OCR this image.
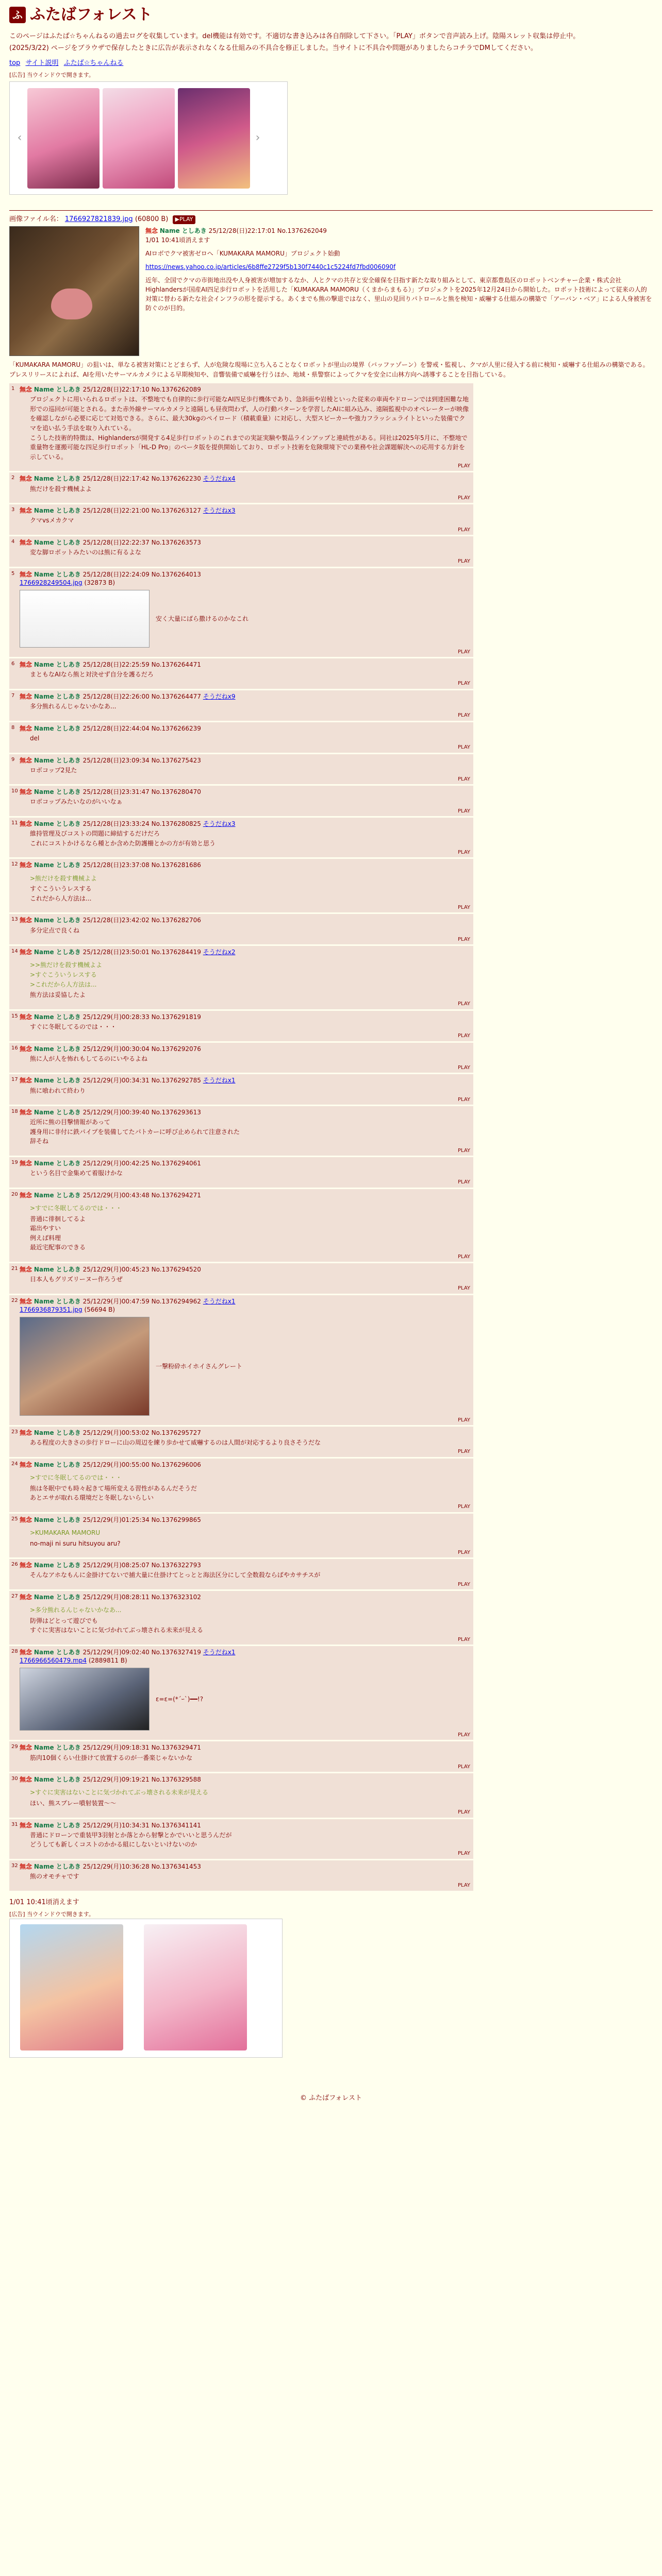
ふ ふたばフォレスト

このページはふたば☆ちゃんねるの過去ログを収集しています。del機能は有効です。不適切な書き込みは各自削除して下さい。「PLAY」ボタンで音声読み上げ。陰陽スレット収集は停止中。

(2025/3/22) ページをブラウザで保存したときに広告が表示されなくなる仕組みの不具合を修正しました。当サイトに不具合や問題がありましたらコチラでDMしてください。

top サイト説明 ふたば☆ちゃんねる
[広告] 当ウインドウで開きます。
‹	›
画像ファイル名： 1766927821839.jpg (60800 B) ▶PLAY
無念 Name としあき 25/12/28(日)22:17:01 No.1376262049
1/01 10:41頃消えます

AIロボでクマ被害ゼロへ「KUMAKARA MAMORU」プロジェクト始動

https://news.yahoo.co.jp/articles/6b8ffe2729f5b130f7440c1c5224fd7fbd006090f

近年、全国でクマの市街地出没や人身被害が増加するなか、人とクマの共存と安全確保を目指す新たな取り組みとして、東京都豊島区のロボットベンチャー企業・株式会社Highlandersが国産AI四足歩行ロボットを活用した「KUMAKARA MAMORU（くまからまもる）」プロジェクトを2025年12月24日から開始した。ロボット技術によって従来の人的対策に替わる新たな社会インフラの形を提示する。あくまでも熊の撃退ではなく、里山の見回りパトロールと熊を検知・威嚇する仕組みの構築で「アーバン・ベア」による人身被害を防ぐのが目的。

「KUMAKARA MAMORU」の狙いは、単なる被害対策にとどまらず、人が危険な現場に立ち入ることなくロボットが里山の境界（バッファゾーン）を警戒・監視し、クマが人里に侵入する前に検知・威嚇する仕組みの構築である。プレスリリースによれば、AIを用いたサーマルカメラによる早期検知や、音響装備で威嚇を行うほか、地域・県警察によってクマを安全に山林方向へ誘導することを目指している。

1 無念 Name としあき 25/12/28(日)22:17:10 No.1376262089
プロジェクトに用いられるロボットは、不整地でも自律的に歩行可能なAI四足歩行機体であり、急斜面や岩稜といった従来の車両やドローンでは到達困難な地形での巡回が可能とされる。また赤外線サーマルカメラと遠隔しも昼夜問わず、人の行動パターンを学習したAIに組み込み、遠隔監視中のオペレーターが映像を確認しながら必要に応じて対処できる。さらに、最大30kgのペイロード（積載重量）に対応し、大型スピーカーや強力フラッシュライトといった装備でクマを追い払う手法を取り入れている。
こうした技術的特徴は、Highlandersが開発する4足歩行ロボットのこれまでの実証実験や製品ラインアップと連続性がある。同社は2025年5月に、不整地で重量物を運搬可能な四足歩行ロボット「HL-D Pro」のベータ版を提供開始しており、ロボット技術を危険環境下での業務や社会課題解決への応用する方針を示している。
PLAY
2 無念 Name としあき 25/12/28(日)22:17:42 No.1376262230 そうだねx4
熊だけを殺す機械よよ
PLAY
3 無念 Name としあき 25/12/28(日)22:21:00 No.1376263127 そうだねx3
クマvsメカクマ
PLAY
4 無念 Name としあき 25/12/28(日)22:22:37 No.1376263573
変な脚ロボットみたいのは熊に有るよな
PLAY
5 無念 Name としあき 25/12/28(日)22:24:09 No.1376264013
1766928249504.jpg (32873 B)
安く大量にばら撒けるのかなこれ
PLAY
6 無念 Name としあき 25/12/28(日)22:25:59 No.1376264471
まともなAIなら熊と対決せず自分を護るだろ
PLAY
7 無念 Name としあき 25/12/28(日)22:26:00 No.1376264477 そうだねx9
多分熊れるんじゃないかなあ...
PLAY
8 無念 Name としあき 25/12/28(日)22:44:04 No.1376266239
del
PLAY
9 無念 Name としあき 25/12/28(日)23:09:34 No.1376275423
ロボコップ2見た
PLAY
10 無念 Name としあき 25/12/28(日)23:31:47 No.1376280470
ロボコップみたいなのがいいなぁ
PLAY
11 無念 Name としあき 25/12/28(日)23:33:24 No.1376280825 そうだねx3
維持管理及びコストの問題に締結するだけだろ
これにコストかけるなら種とか含めた防護柵とかの方が有効と思う
PLAY
12 無念 Name としあき 25/12/28(日)23:37:08 No.1376281686
>熊だけを殺す機械よよ
すぐこういうレスする
これだから人方法は...
PLAY
13 無念 Name としあき 25/12/28(日)23:42:02 No.1376282706
多分定点で良くね
PLAY
14 無念 Name としあき 25/12/28(日)23:50:01 No.1376284419 そうだねx2
>>熊だけを殺す機械よよ
>すぐこういうレスする
>これだから人方法は...
熊方法は妥協したよ
PLAY
15 無念 Name としあき 25/12/29(月)00:28:33 No.1376291819
すぐに冬眠してるのでは・・・
PLAY
16 無念 Name としあき 25/12/29(月)00:30:04 No.1376292076
熊に人が人を怖れもしてるのにいやるよね
PLAY
17 無念 Name としあき 25/12/29(月)00:34:31 No.1376292785 そうだねx1
熊に喰われて終わり
PLAY
18 無念 Name としあき 25/12/29(月)00:39:40 No.1376293613
近所に熊の目撃情報があって
護身用に非付に鉄パイプを装備してたパトカーに呼び止められて注意された
辞そね
PLAY
19 無念 Name としあき 25/12/29(月)00:42:25 No.1376294061
という名目で金集めて着服けかな
PLAY
20 無念 Name としあき 25/12/29(月)00:43:48 No.1376294271
>すでに冬眠してるのでは・・・
普通に徘徊してるよ
霜出やすい
例えば料理
最近宅配事のできる
PLAY
21 無念 Name としあき 25/12/29(月)00:45:23 No.1376294520
日本人もグリズリーヌー作ろうぜ
PLAY
22 無念 Name としあき 25/12/29(月)00:47:59 No.1376294962 そうだねx1
1766936879351.jpg (56694 B)
一撃粉砕ホイホイさんグレート
PLAY
23 無念 Name としあき 25/12/29(月)00:53:02 No.1376295727
ある程度の大きさの歩行ドローに山の周辺を練り歩かせて威嚇するのは人間が対応するより良さそうだな
PLAY
24 無念 Name としあき 25/12/29(月)00:55:00 No.1376296006
>すでに冬眠してるのでは・・・
熊は冬眠中でも時々起きて場所変える習性があるんだそうだ
あとエサが取れる環境だと冬眠しないらしい
PLAY
25 無念 Name としあき 25/12/29(月)01:25:34 No.1376299865
>KUMAKARA MAMORU
no-maji ni suru hitsuyou aru?
PLAY
26 無念 Name としあき 25/12/29(月)08:25:07 No.1376322793
そんなアホなもんに金掛けてないで捕大量に仕掛けてとっとと海法区分にして全数殺ならばやカサチスが
PLAY
27 無念 Name としあき 25/12/29(月)08:28:11 No.1376323102
>多分熊れるんじゃないかなあ...
防弾はどとって遊びでも
すぐに実害はないことに気づかれてぶっ壊される未来が見える
PLAY
28 無念 Name としあき 25/12/29(月)09:02:40 No.1376327419 そうだねx1
1766966560479.mp4 (2889811 B)
ε=ε=(*´ｰ`)━━!?
PLAY
29 無念 Name としあき 25/12/29(月)09:18:31 No.1376329471
筋肉10個くらい仕掛けて放置するのが一番楽じゃないかな
PLAY
30 無念 Name としあき 25/12/29(月)09:19:21 No.1376329588
>すぐに実害はないことに気づかれてぶっ壊される未来が見える
ほい、熊スプレー噴射装置〜〜
PLAY
31 無念 Name としあき 25/12/29(月)10:34:31 No.1376341141
普通にドローンで重装甲3羽射とか落とから射撃とかでいいと思うんだが
どうしても新しくコストのかかる組にしないといけないのか
PLAY
32 無念 Name としあき 25/12/29(月)10:36:28 No.1376341453
熊のオモチャです
PLAY
1/01 10:41頃消えます
[広告] 当ウインドウで開きます。
© ふたばフォレスト
